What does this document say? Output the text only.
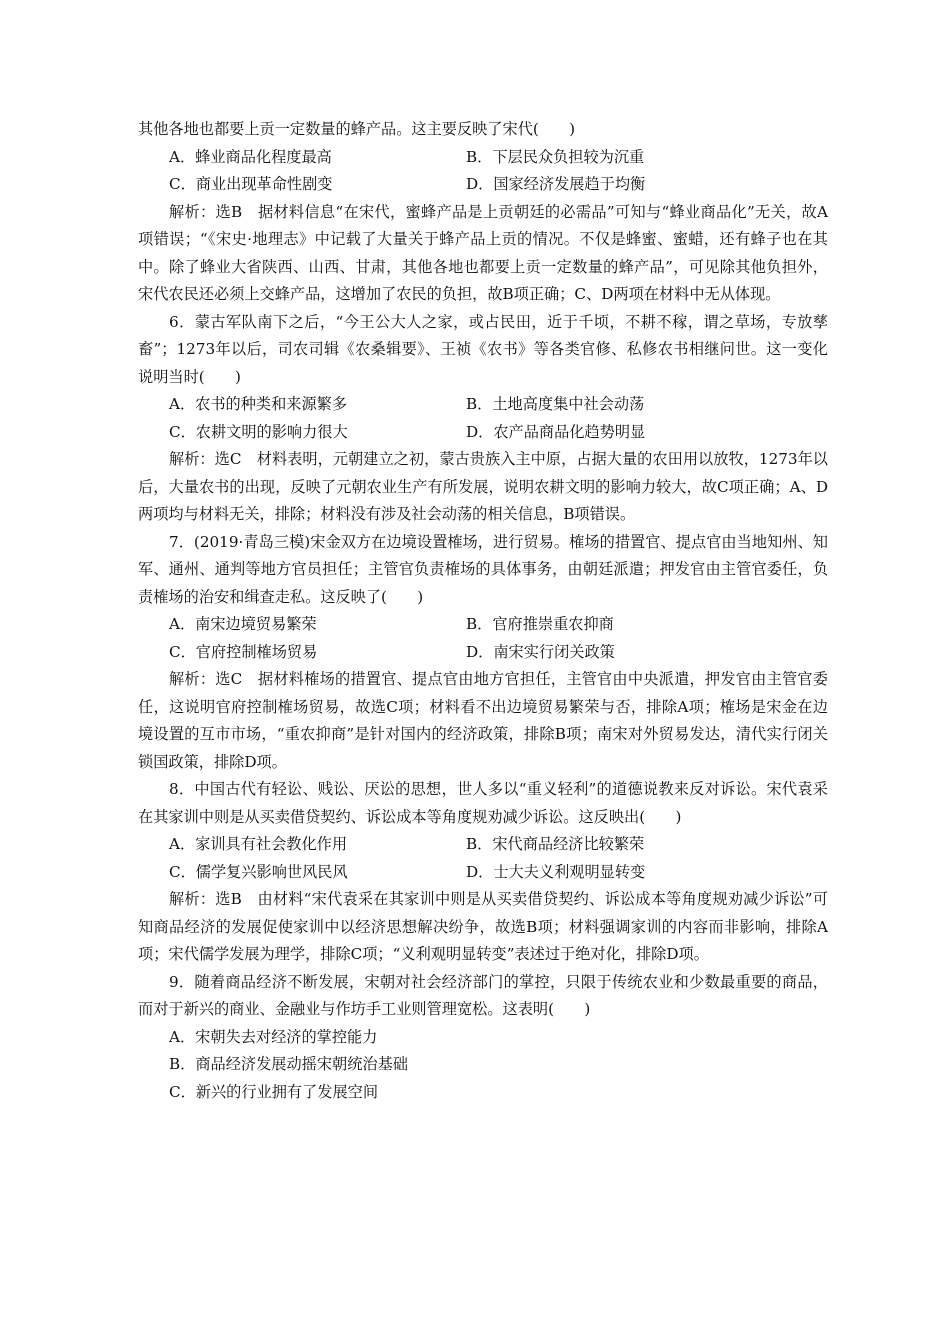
其他各地也都要上贡一定数量的蜂产品。这主要反映了宋代(　　)

A．蜂业商品化程度最高	B．下层民众负担较为沉重
C．商业出现革命性剧变	D．国家经济发展趋于均衡

解析：选B　据材料信息“在宋代，蜜蜂产品是上贡朝廷的必需品”可知与“蜂业商品化”无关，故A项错误；“《宋史·地理志》中记载了大量关于蜂产品上贡的情况。不仅是蜂蜜、蜜蜡，还有蜂子也在其中。除了蜂业大省陕西、山西、甘肃，其他各地也都要上贡一定数量的蜂产品”，可见除其他负担外，宋代农民还必须上交蜂产品，这增加了农民的负担，故B项正确；C、D两项在材料中无从体现。

6．蒙古军队南下之后，“今王公大人之家，或占民田，近于千顷，不耕不稼，谓之草场，专放孳畜”；1273年以后，司农司辑《农桑辑要》、王祯《农书》等各类官修、私修农书相继问世。这一变化说明当时(　　)

A．农书的种类和来源繁多	B．土地高度集中社会动荡
C．农耕文明的影响力很大	D．农产品商品化趋势明显

解析：选C　材料表明，元朝建立之初，蒙古贵族入主中原，占据大量的农田用以放牧，1273年以后，大量农书的出现，反映了元朝农业生产有所发展，说明农耕文明的影响力较大，故C项正确；A、D两项均与材料无关，排除；材料没有涉及社会动荡的相关信息，B项错误。

7．(2019·青岛三模)宋金双方在边境设置榷场，进行贸易。榷场的措置官、提点官由当地知州、知军、通州、通判等地方官员担任；主管官负责榷场的具体事务，由朝廷派遣；押发官由主管官委任，负责榷场的治安和缉查走私。这反映了(　　)

A．南宋边境贸易繁荣	B．官府推崇重农抑商
C．官府控制榷场贸易	D．南宋实行闭关政策

解析：选C　据材料榷场的措置官、提点官由地方官担任，主管官由中央派遣，押发官由主管官委任，这说明官府控制榷场贸易，故选C项；材料看不出边境贸易繁荣与否，排除A项；榷场是宋金在边境设置的互市市场，“重农抑商”是针对国内的经济政策，排除B项；南宋对外贸易发达，清代实行闭关锁国政策，排除D项。

8．中国古代有轻讼、贱讼、厌讼的思想，世人多以“重义轻利”的道德说教来反对诉讼。宋代袁采在其家训中则是从买卖借贷契约、诉讼成本等角度规劝减少诉讼。这反映出(　　)

A．家训具有社会教化作用	B．宋代商品经济比较繁荣
C．儒学复兴影响世风民风	D．士大夫义利观明显转变

解析：选B　由材料“宋代袁采在其家训中则是从买卖借贷契约、诉讼成本等角度规劝减少诉讼”可知商品经济的发展促使家训中以经济思想解决纷争，故选B项；材料强调家训的内容而非影响，排除A项；宋代儒学发展为理学，排除C项；“义利观明显转变”表述过于绝对化，排除D项。

9．随着商品经济不断发展，宋朝对社会经济部门的掌控，只限于传统农业和少数最重要的商品，而对于新兴的商业、金融业与作坊手工业则管理宽松。这表明(　　)

A．宋朝失去对经济的掌控能力
B．商品经济发展动摇宋朝统治基础
C．新兴的行业拥有了发展空间
